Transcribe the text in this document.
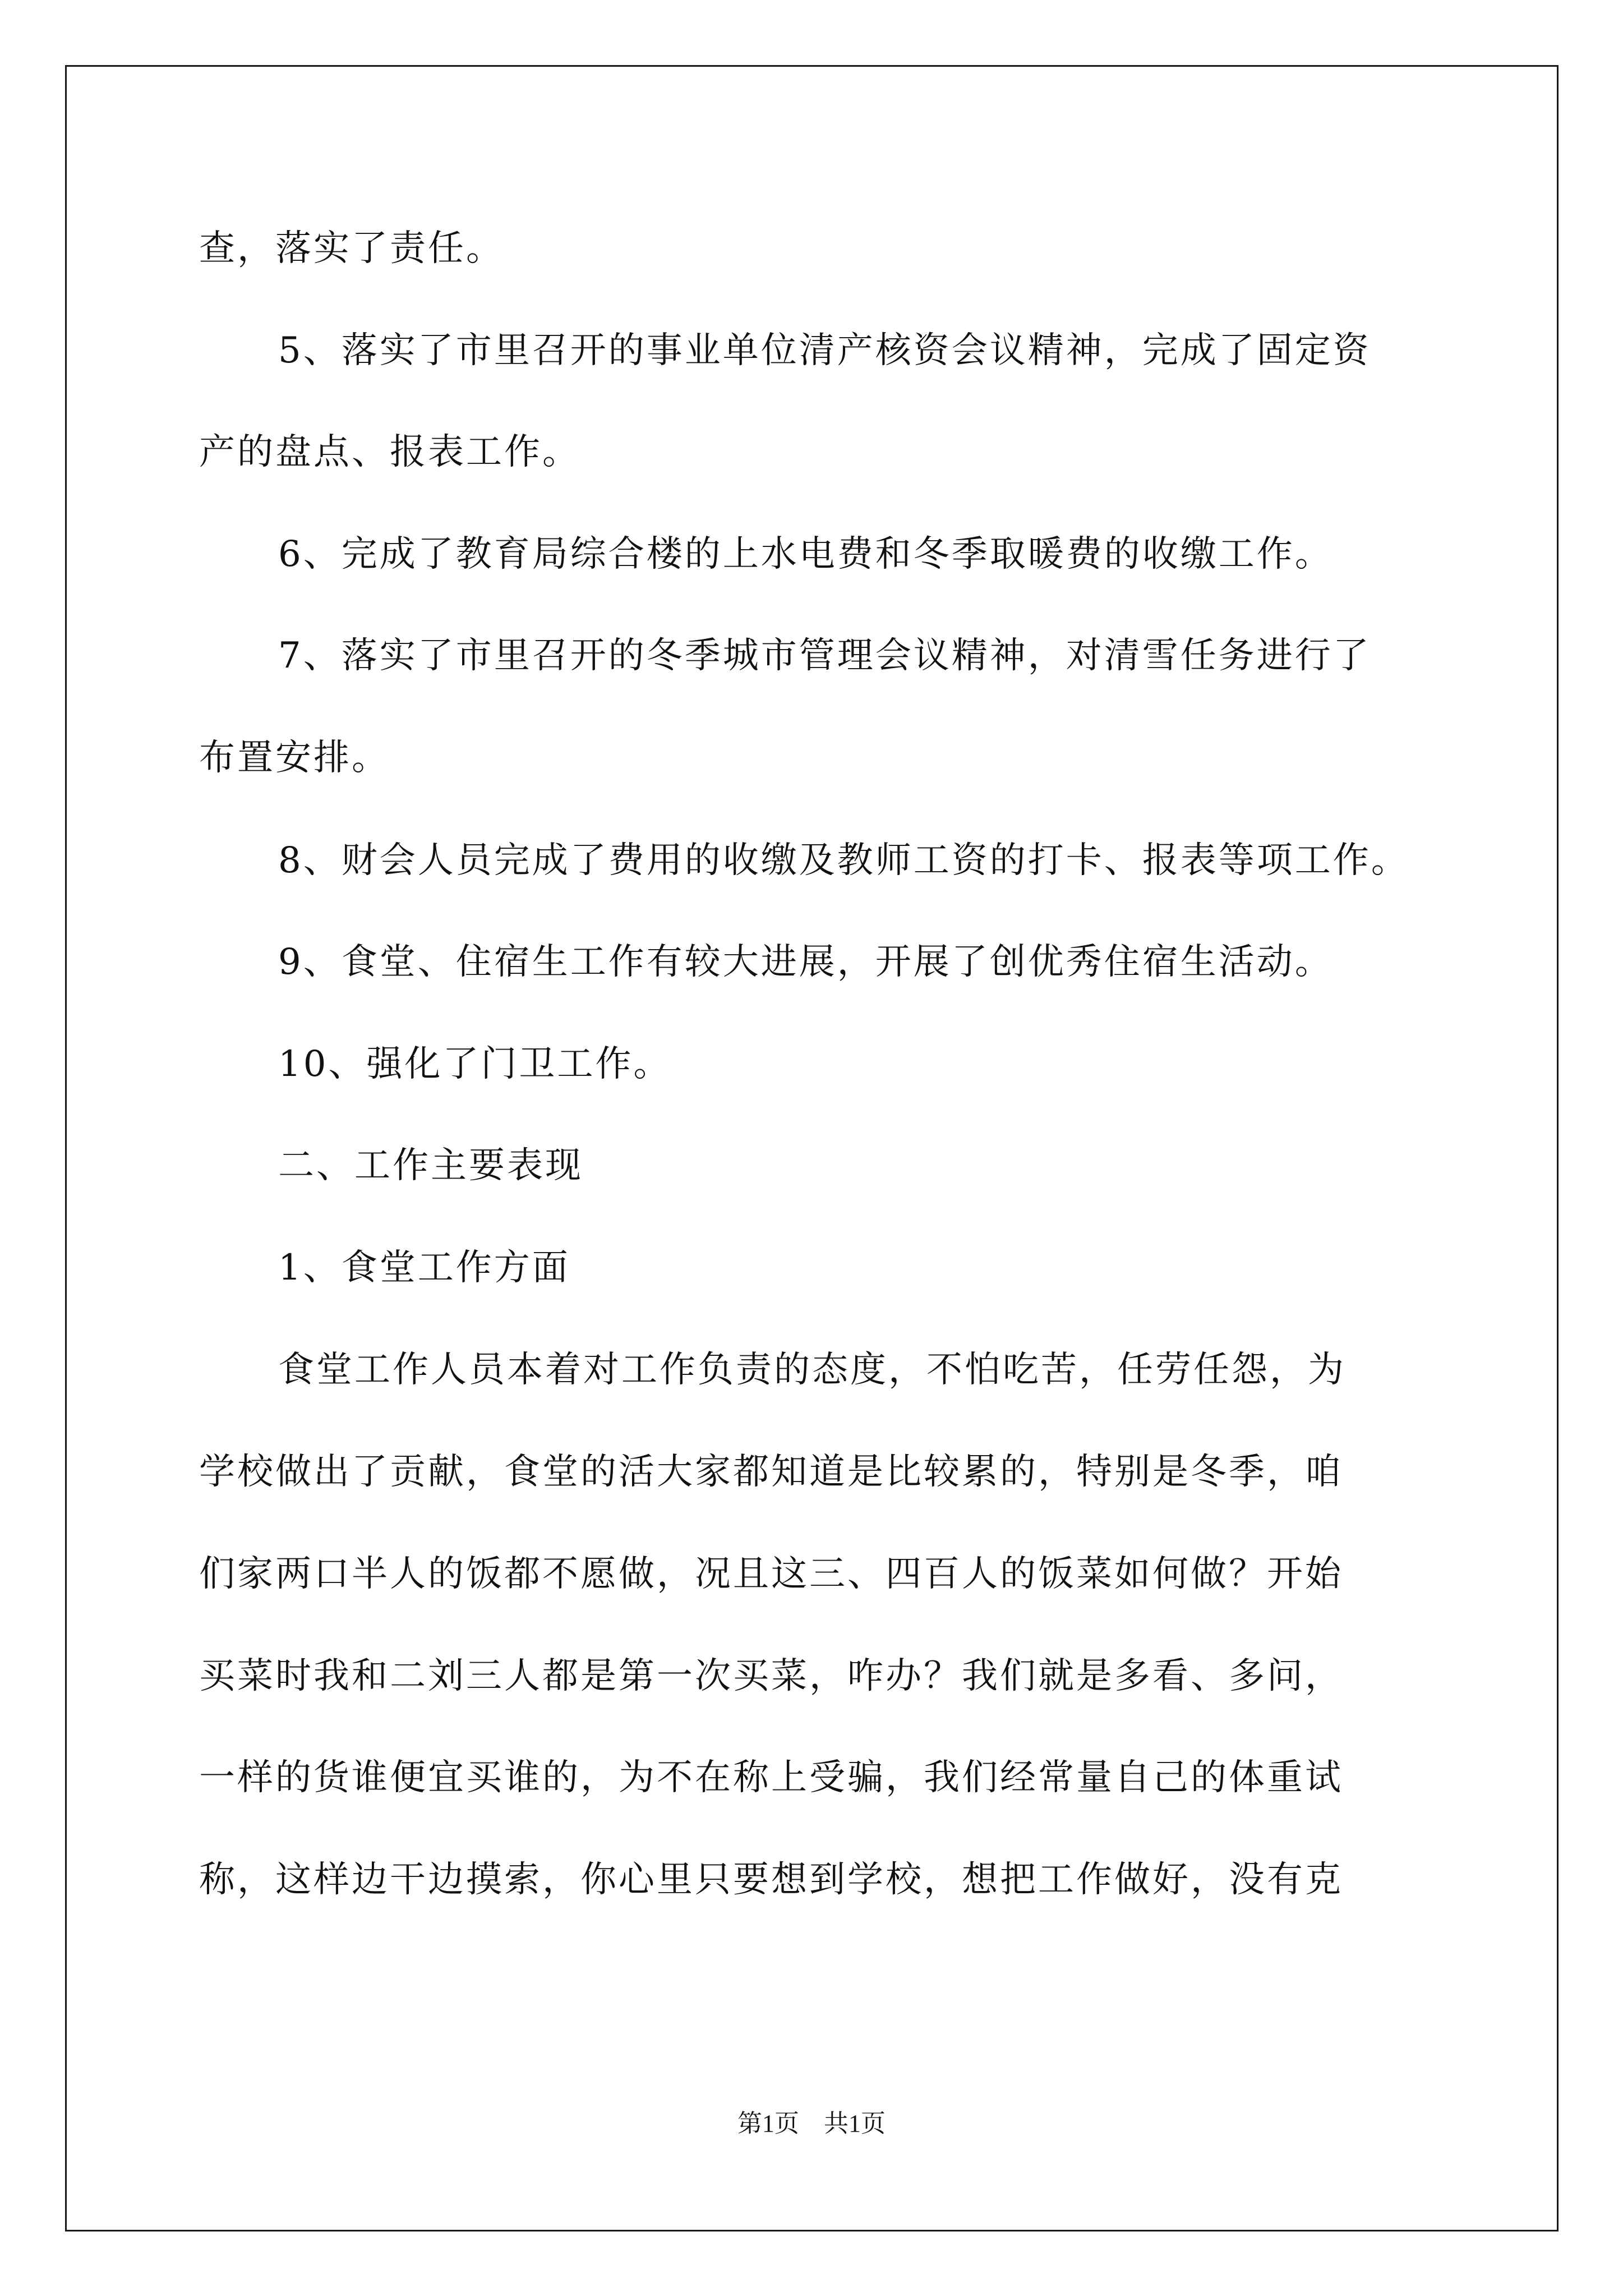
查，落实了责任。
5、落实了市里召开的事业单位清产核资会议精神，完成了固定资
产的盘点、报表工作。
6、完成了教育局综合楼的上水电费和冬季取暖费的收缴工作。
7、落实了市里召开的冬季城市管理会议精神，对清雪任务进行了
布置安排。
8、财会人员完成了费用的收缴及教师工资的打卡、报表等项工作。
9、食堂、住宿生工作有较大进展，开展了创优秀住宿生活动。
10、强化了门卫工作。
二、工作主要表现
1、食堂工作方面
食堂工作人员本着对工作负责的态度，不怕吃苦，任劳任怨，为
学校做出了贡献，食堂的活大家都知道是比较累的，特别是冬季，咱
们家两口半人的饭都不愿做，况且这三、四百人的饭菜如何做？开始
买菜时我和二刘三人都是第一次买菜，咋办？我们就是多看、多问，
一样的货谁便宜买谁的，为不在称上受骗，我们经常量自己的体重试
称，这样边干边摸索，你心里只要想到学校，想把工作做好，没有克
第1页　共1页
